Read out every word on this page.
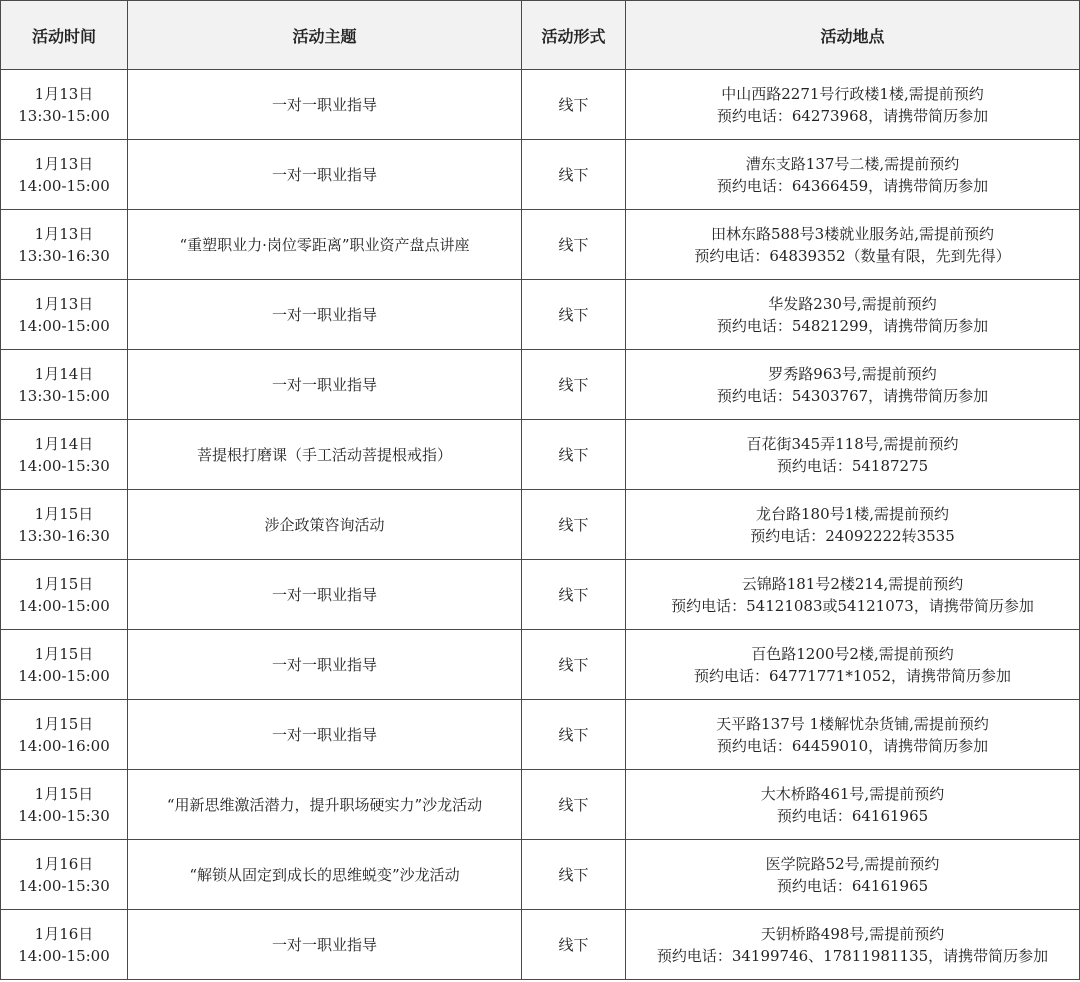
活动时间	活动主题	活动形式	活动地点

1月13日
13:30-15:00	一对一职业指导	线下	中山西路2271号行政楼1楼,需提前预约
预约电话：64273968，请携带简历参加

1月13日
14:00-15:00	一对一职业指导	线下	漕东支路137号二楼,需提前预约
预约电话：64366459，请携带简历参加

1月13日
13:30-16:30	“重塑职业力·岗位零距离”职业资产盘点讲座	线下	田林东路588号3楼就业服务站,需提前预约
预约电话：64839352（数量有限，先到先得）

1月13日
14:00-15:00	一对一职业指导	线下	华发路230号,需提前预约
预约电话：54821299，请携带简历参加

1月14日
13:30-15:00	一对一职业指导	线下	罗秀路963号,需提前预约
预约电话：54303767，请携带简历参加

1月14日
14:00-15:30	菩提根打磨课（手工活动菩提根戒指）	线下	百花街345弄118号,需提前预约
预约电话：54187275

1月15日
13:30-16:30	涉企政策咨询活动	线下	龙台路180号1楼,需提前预约
预约电话：24092222转3535

1月15日
14:00-15:00	一对一职业指导	线下	云锦路181号2楼214,需提前预约
预约电话：54121083或54121073，请携带简历参加

1月15日
14:00-15:00	一对一职业指导	线下	百色路1200号2楼,需提前预约
预约电话：64771771*1052，请携带简历参加

1月15日
14:00-16:00	一对一职业指导	线下	天平路137号 1楼解忧杂货铺,需提前预约
预约电话：64459010，请携带简历参加

1月15日
14:00-15:30	“用新思维激活潜力，提升职场硬实力”沙龙活动	线下	大木桥路461号,需提前预约
预约电话：64161965

1月16日
14:00-15:30	“解锁从固定到成长的思维蜕变”沙龙活动	线下	医学院路52号,需提前预约
预约电话：64161965

1月16日
14:00-15:00	一对一职业指导	线下	天钥桥路498号,需提前预约
预约电话：34199746、17811981135，请携带简历参加
